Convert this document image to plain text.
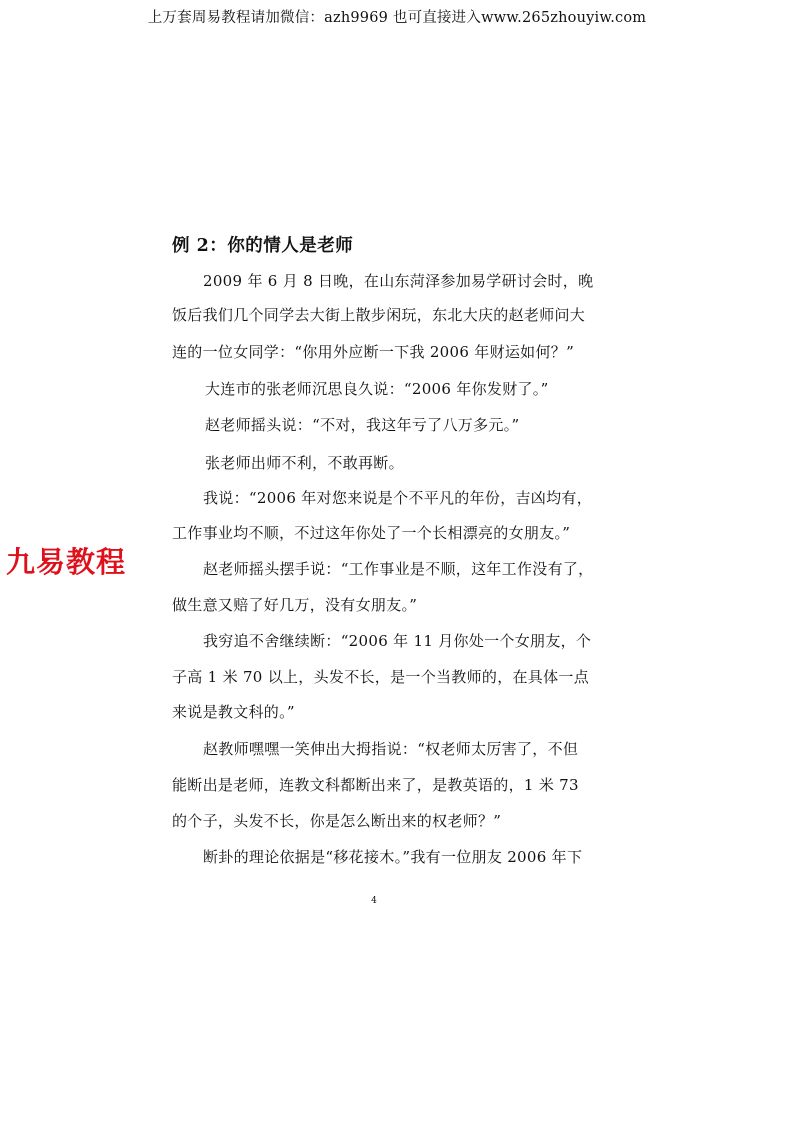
上万套周易教程请加微信：azh9969 也可直接进入www.265zhouyiw.com
例 2：你的情人是老师
2009 年 6 月 8 日晚，在山东菏泽参加易学研讨会时，晚
饭后我们几个同学去大街上散步闲玩，东北大庆的赵老师问大
连的一位女同学：“你用外应断一下我 2006 年财运如何？”
大连市的张老师沉思良久说：“2006 年你发财了。”
赵老师摇头说：“不对，我这年亏了八万多元。”
张老师出师不利，不敢再断。
我说：“2006 年对您来说是个不平凡的年份，吉凶均有，
工作事业均不顺，不过这年你处了一个长相漂亮的女朋友。”
赵老师摇头摆手说：“工作事业是不顺，这年工作没有了，
做生意又赔了好几万，没有女朋友。”
我穷追不舍继续断：“2006 年 11 月你处一个女朋友，个
子高 1 米 70 以上，头发不长，是一个当教师的，在具体一点
来说是教文科的。”
赵教师嘿嘿一笑伸出大拇指说：“权老师太厉害了，不但
能断出是老师，连教文科都断出来了，是教英语的，1 米 73
的个子，头发不长，你是怎么断出来的权老师？”
断卦的理论依据是“移花接木。”我有一位朋友 2006 年下
九易教程
4
